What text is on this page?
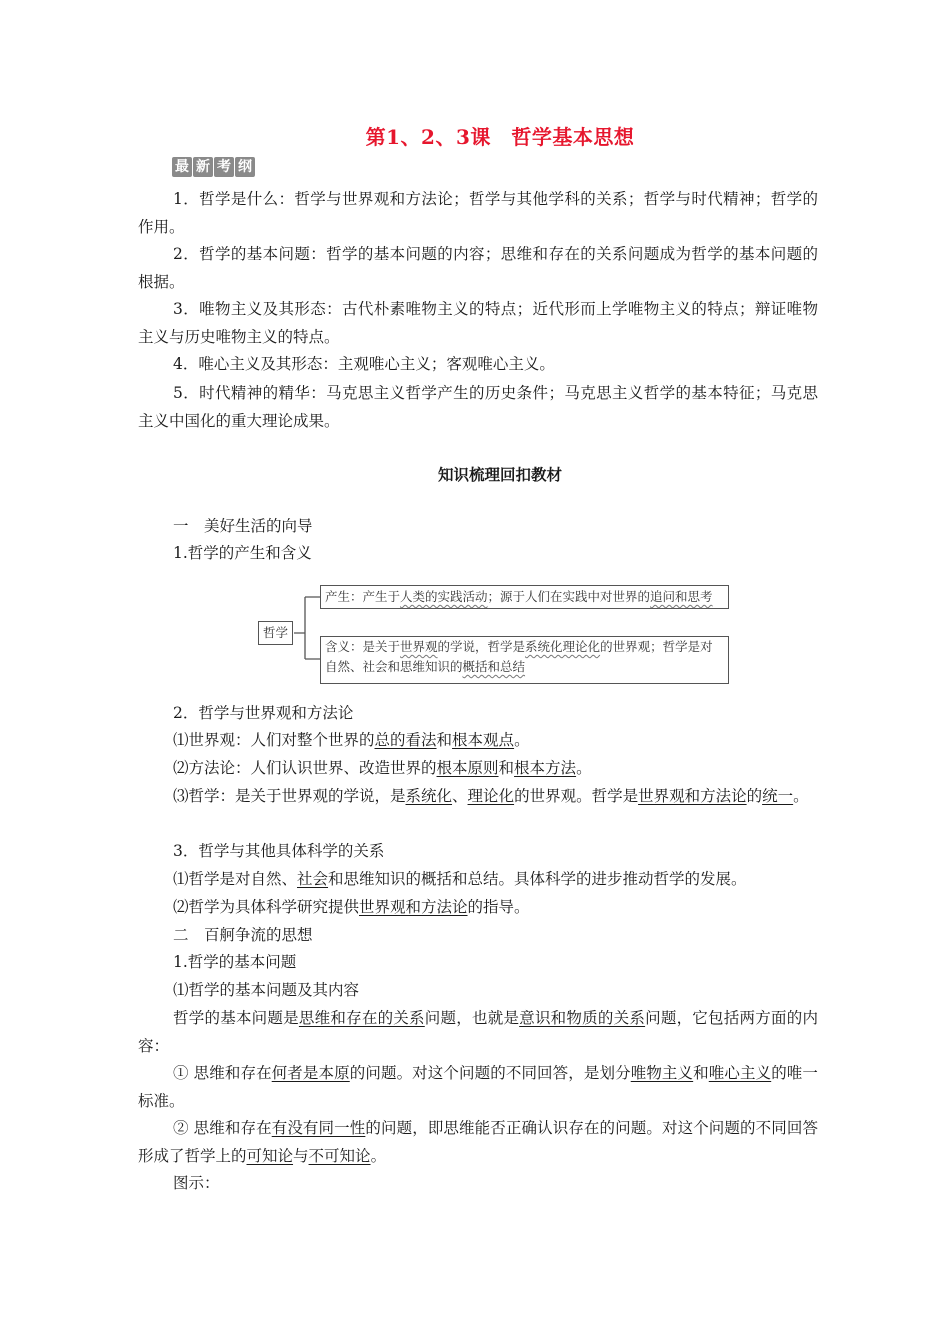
第1、2、3课　哲学基本思想
最 新 考 纲
1．哲学是什么：哲学与世界观和方法论；哲学与其他学科的关系；哲学与时代精神；哲学的作用。
2．哲学的基本问题：哲学的基本问题的内容；思维和存在的关系问题成为哲学的基本问题的根据。
3．唯物主义及其形态：古代朴素唯物主义的特点；近代形而上学唯物主义的特点；辩证唯物主义与历史唯物主义的特点。
4．唯心主义及其形态：主观唯心主义；客观唯心主义。
5．时代精神的精华：马克思主义哲学产生的历史条件；马克思主义哲学的基本特征；马克思主义中国化的重大理论成果。
知识梳理回扣教材
一　美好生活的向导
1.哲学的产生和含义
哲学
产生：产生于人类的实践活动；源于人们在实践中对世界的追问和思考
含义：是关于世界观的学说，哲学是系统化理论化的世界观；哲学是对
自然、社会和思维知识的概括和总结
2．哲学与世界观和方法论
⑴世界观：人们对整个世界的总的看法和根本观点。
⑵方法论：人们认识世界、改造世界的根本原则和根本方法。
⑶哲学：是关于世界观的学说，是系统化、理论化的世界观。哲学是世界观和方法论的统一。
3．哲学与其他具体科学的关系
⑴哲学是对自然、社会和思维知识的概括和总结。具体科学的进步推动哲学的发展。
⑵哲学为具体科学研究提供世界观和方法论的指导。
二　百舸争流的思想
1.哲学的基本问题
⑴哲学的基本问题及其内容
哲学的基本问题是思维和存在的关系问题，也就是意识和物质的关系问题，它包括两方面的内容：
① 思维和存在何者是本原的问题。对这个问题的不同回答，是划分唯物主义和唯心主义的唯一标准。
② 思维和存在有没有同一性的问题，即思维能否正确认识存在的问题。对这个问题的不同回答形成了哲学上的可知论与不可知论。
图示：
